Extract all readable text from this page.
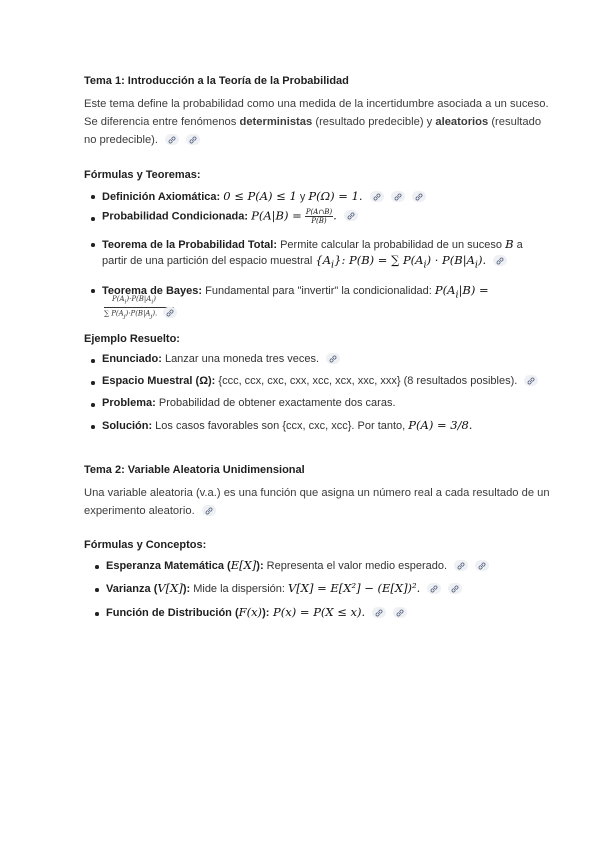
Tema 1: Introducción a la Teoría de la Probabilidad
Este tema define la probabilidad como una medida de la incertidumbre asociada a un suceso.
Se diferencia entre fenómenos deterministas (resultado predecible) y aleatorios (resultado
no predecible).

Fórmulas y Teoremas:
Definición Axiomática: 0 ≤ P(A) ≤ 1 y P(Ω) = 1.

Probabilidad Condicionada: $P(A|B) = \frac{P(A\cap B)}{P(B)}$ .
Teorema de la Probabilidad Total: Permite calcular la probabilidad de un suceso B a
partir de una partición del espacio muestral $\{A_i\}$: P(B) = ∑ $P(A_i) \cdot P(B|A_i)$.
Teorema de Bayes: Fundamental para "invertir" la condicionalidad: $P(A_i|B)$ =
$P(A_i)\cdot P(B|A_i)$
∑ $P(A_j)\cdot P(B|A_j)$.
Ejemplo Resuelto:
Enunciado: Lanzar una moneda tres veces.
Espacio Muestral (Ω): {ccc, ccx, cxc, cxx, xcc, xcx, xxc, xxx} (8 resultados posibles).
Problema: Probabilidad de obtener exactamente dos caras.
Solución: Los casos favorables son {ccx, cxc, xcc}. Por tanto, P(A) = 3/8.
Tema 2: Variable Aleatoria Unidimensional
Una variable aleatoria (v.a.) es una función que asigna un número real a cada resultado de un
experimento aleatorio.
Fórmulas y Conceptos:
Esperanza Matemática (E[X]): Representa el valor medio esperado.

Varianza (V[X]): Mide la dispersión: V[X] = E[X²] − (E[X])².

Función de Distribución (F(x)): P(x) = P(X ≤ x).
